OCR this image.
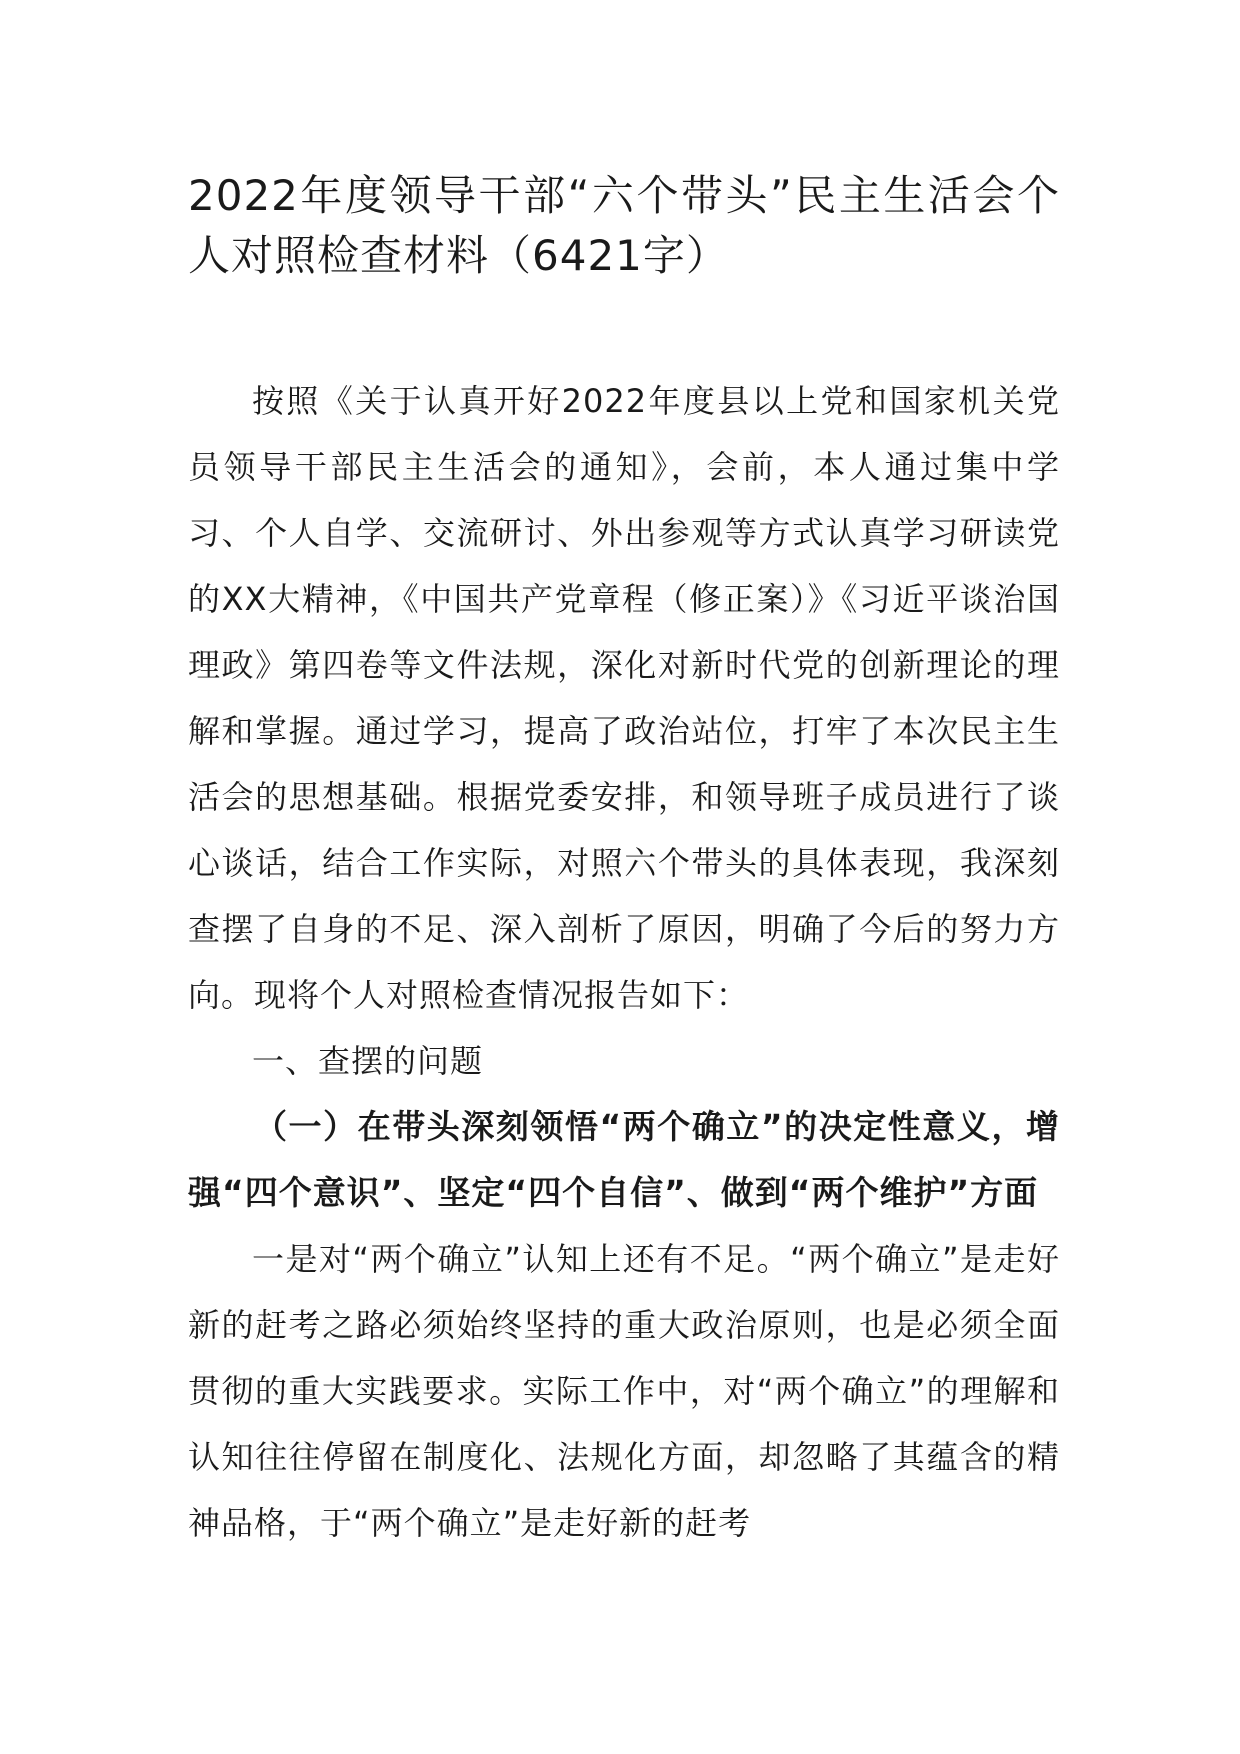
2022年度领导干部“六个带头”民主生活会个人对照检查材料（6421字）

按照《关于认真开好2022年度县以上党和国家机关党员领导干部民主生活会的通知》，会前，本人通过集中学习、个人自学、交流研讨、外出参观等方式认真学习研读党的XX大精神，《中国共产党章程（修正案）》《习近平谈治国理政》第四卷等文件法规，深化对新时代党的创新理论的理解和掌握。通过学习，提高了政治站位，打牢了本次民主生活会的思想基础。根据党委安排，和领导班子成员进行了谈心谈话，结合工作实际，对照六个带头的具体表现，我深刻查摆了自身的不足、深入剖析了原因，明确了今后的努力方向。现将个人对照检查情况报告如下：

一、查摆的问题

（一）在带头深刻领悟“两个确立”的决定性意义，增强“四个意识”、坚定“四个自信”、做到“两个维护”方面

一是对“两个确立”认知上还有不足。“两个确立”是走好新的赶考之路必须始终坚持的重大政治原则，也是必须全面贯彻的重大实践要求。实际工作中，对“两个确立”的理解和认知往往停留在制度化、法规化方面，却忽略了其蕴含的精神品格，于“两个确立”是走好新的赶考
